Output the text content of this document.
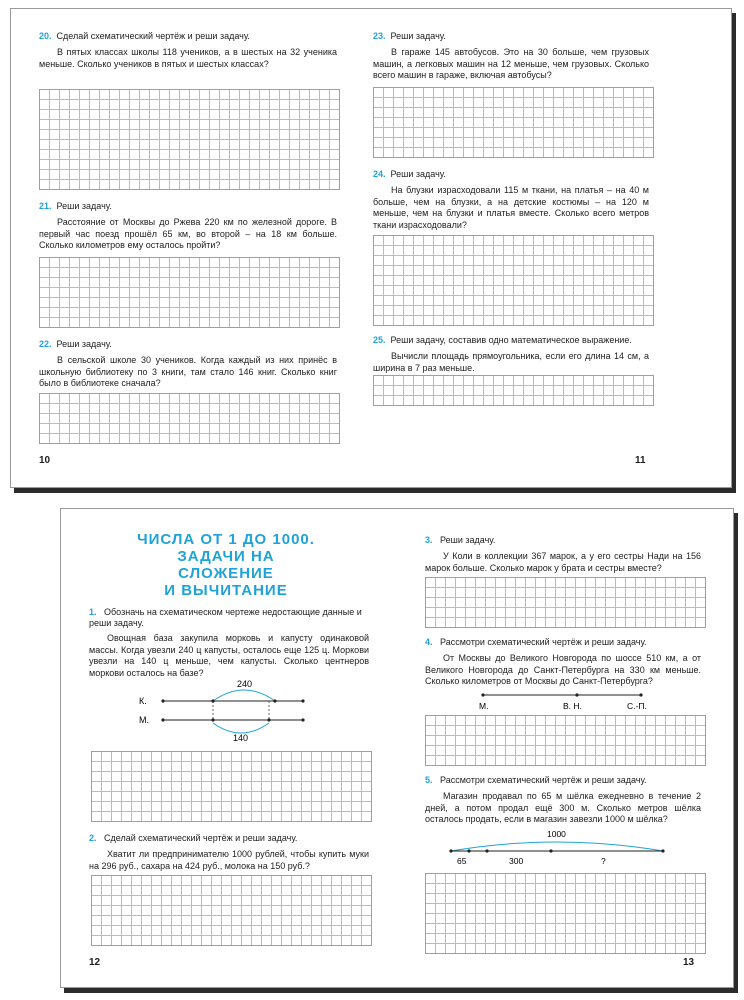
20. Сделай схематический чертёж и реши задачу.
В пятых классах школы 118 учеников, а в шестых на 32 ученика меньше. Сколько учеников в пятых и шестых классах?
21. Реши задачу.
Расстояние от Москвы до Ржева 220 км по железной дороге. В первый час поезд прошёл 65 км, во второй – на 18 км больше. Сколько километров ему осталось пройти?
22. Реши задачу.
В сельской школе 30 учеников. Когда каждый из них принёс в школьную библиотеку по 3 книги, там стало 146 книг. Сколько книг было в библиотеке сначала?
10
23. Реши задачу.
В гараже 145 автобусов. Это на 30 больше, чем грузовых машин, а легковых машин на 12 меньше, чем грузовых. Сколько всего машин в гараже, включая автобусы?
24. Реши задачу.
На блузки израсходовали 115 м ткани, на платья – на 40 м больше, чем на блузки, а на детские костюмы – на 120 м меньше, чем на блузки и платья вместе. Сколько всего метров ткани израсходовали?
25. Реши задачу, составив одно математическое выражение.
Вычисли площадь прямоугольника, если его длина 14 см, а ширина в 7 раз меньше.
11
ЧИСЛА ОТ 1 ДО 1000.
ЗАДАЧИ НА СЛОЖЕНИЕ
И ВЫЧИТАНИЕ
1. Обозначь на схематическом чертеже недостающие данные и реши задачу.
Овощная база закупила морковь и капусту одинаковой массы. Когда увезли 240 ц капусты, осталось еще 125 ц. Моркови увезли на 140 ц меньше, чем капусты. Сколько центнеров моркови осталось на базе?
К.
М.
240
140
2. Сделай схематический чертёж и реши задачу.
Хватит ли предпринимателю 1000 рублей, чтобы купить муки на 296 руб., сахара на 424 руб., молока на 150 руб.?
12
3. Реши задачу.
У Коли в коллекции 367 марок, а у его сестры Нади на 156 марок больше. Сколько марок у брата и сестры вместе?
4. Рассмотри схематический чертёж и реши задачу.
От Москвы до Великого Новгорода по шоссе 510 км, а от Великого Новгорода до Санкт-Петербурга на 330 км меньше. Сколько километров от Москвы до Санкт-Петербурга?
М.	В. Н.	С.-П.
5. Рассмотри схематический чертёж и реши задачу.
Магазин продавал по 65 м шёлка ежедневно в течение 2 дней, а потом продал ещё 300 м. Сколько метров шёлка осталось продать, если в магазин завезли 1000 м шёлка?
1000
65	300	?
13
